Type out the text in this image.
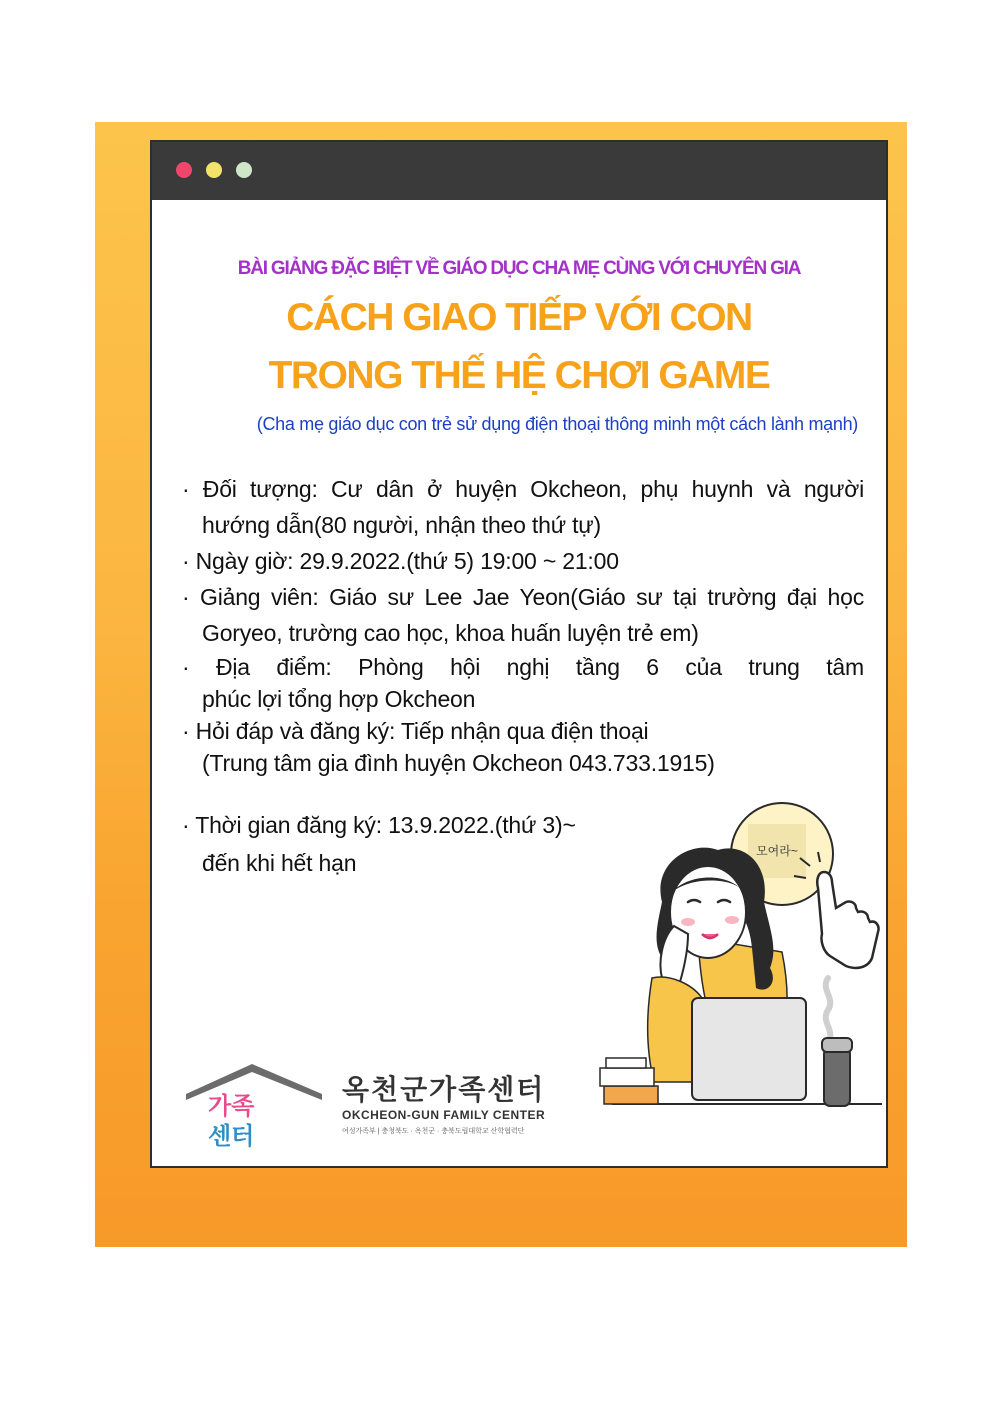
BÀI GIẢNG ĐẶC BIỆT VỀ GIÁO DỤC CHA MẸ CÙNG VỚI CHUYÊN GIA
CÁCH GIAO TIẾP VỚI CON
TRONG THẾ HỆ CHƠI GAME
(Cha mẹ giáo dục con trẻ sử dụng điện thoại thông minh một cách lành mạnh)
· Đối tượng: Cư dân ở huyện Okcheon, phụ huynh và người
hướng dẫn(80 người, nhận theo thứ tự)
· Ngày giờ: 29.9.2022.(thứ 5) 19:00 ~ 21:00
· Giảng viên: Giáo sư Lee Jae Yeon(Giáo sư tại trường đại học
Goryeo, trường cao học, khoa huấn luyện trẻ em)
· Địa điểm: Phòng hội nghị tầng 6 của trung tâm
phúc lợi tổng hợp Okcheon
· Hỏi đáp và đăng ký: Tiếp nhận qua điện thoại
(Trung tâm gia đình huyện Okcheon 043.733.1915)
· Thời gian đăng ký: 13.9.2022.(thứ 3)~
đến khi hết hạn	모여라~
가족
센터
옥천군가족센터
OKCHEON-GUN FAMILY CENTER
여성가족부 | 충청북도 · 옥천군 · 충북도립대학교 산학협력단
